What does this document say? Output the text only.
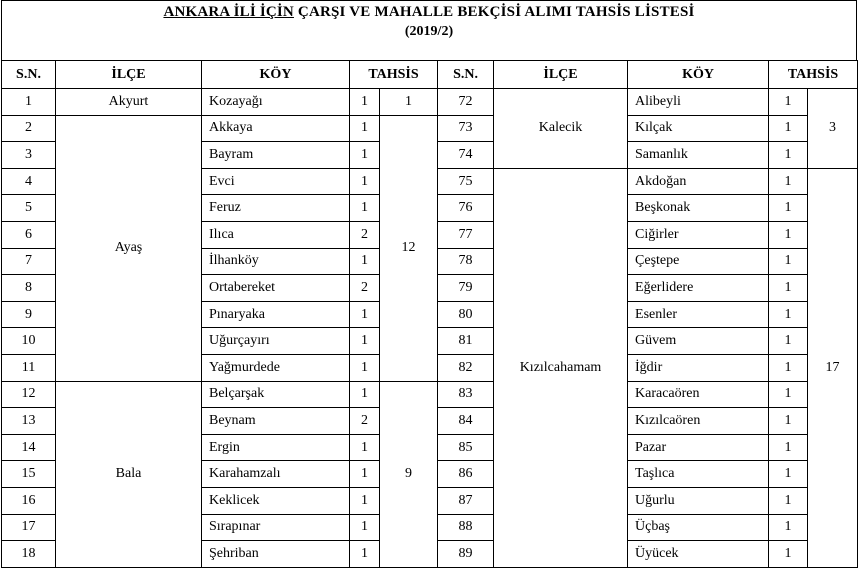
ANKARA İLİ İÇİN ÇARŞI VE MAHALLE BEKÇİSİ ALIMI TAHSİS LİSTESİ
(2019/2)
S.N.	İLÇE	KÖY	TAHSİS		S.N.	İLÇE	KÖY	TAHSİS	
1	Akyurt	Kozayağı	1	1	72	Kalecik	Alibeyli	1	3
2	Ayaş	Akkaya	1	12	73		Kılçak	1	
3		Bayram	1		74		Samanlık	1	
4		Evci	1		75	Kızılcahamam	Akdoğan	1	17
5		Feruz	1		76		Beşkonak	1	
6		Ilıca	2		77		Ciğirler	1	
7		İlhanköy	1		78		Çeştepe	1	
8		Ortabereket	2		79		Eğerlidere	1	
9		Pınaryaka	1		80		Esenler	1	
10		Uğurçayırı	1		81		Güvem	1	
11		Yağmurdede	1		82		İğdir	1	
12	Bala	Belçarşak	1	9	83		Karacaören	1	
13		Beynam	2		84		Kızılcaören	1	
14		Ergin	1		85		Pazar	1	
15		Karahamzalı	1		86		Taşlıca	1	
16		Keklicek	1		87		Uğurlu	1	
17		Sırapınar	1		88		Üçbaş	1	
18		Şehriban	1		89		Üyücek	1	
